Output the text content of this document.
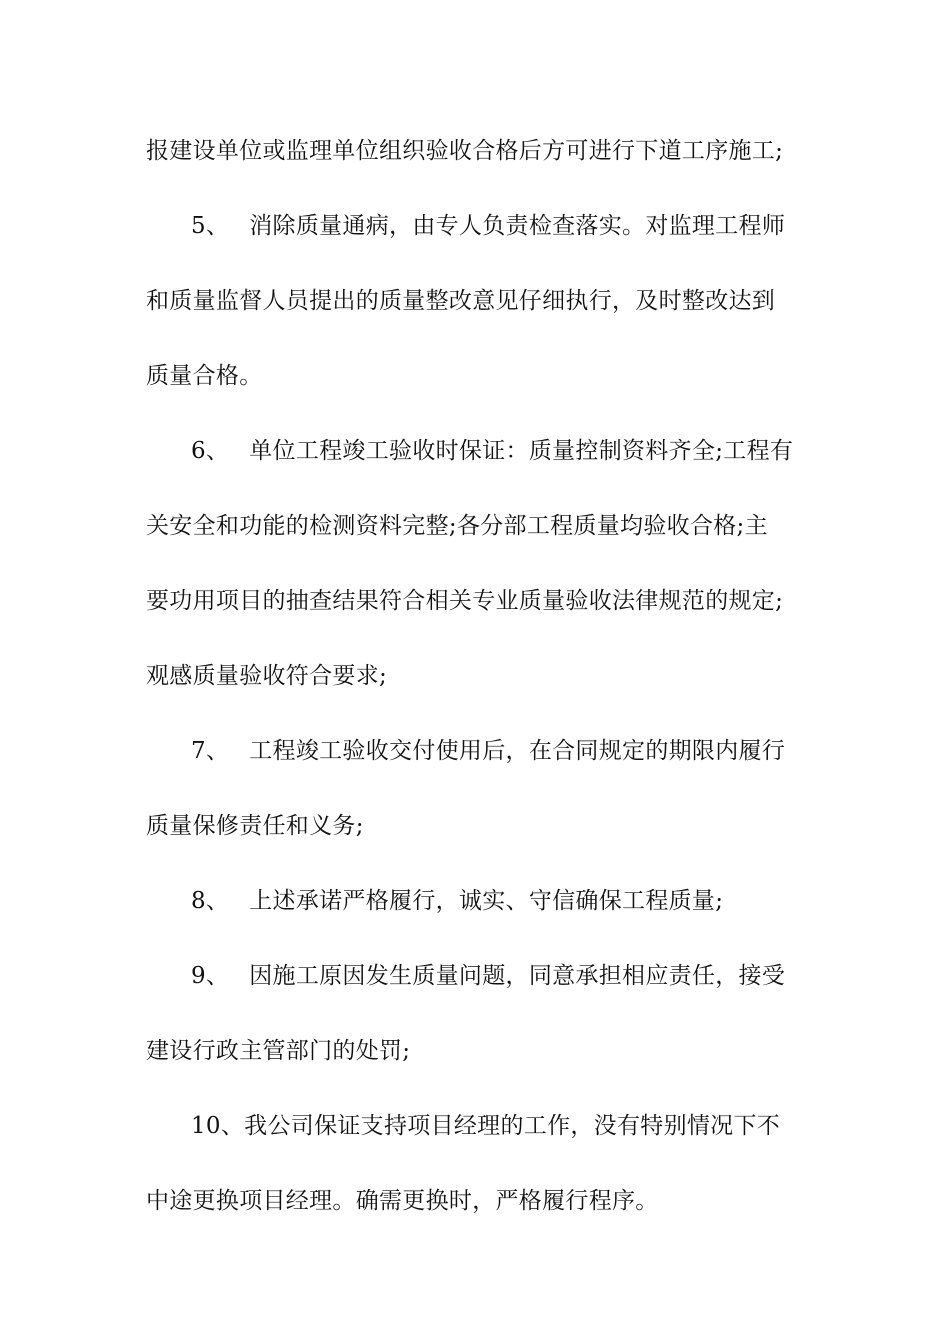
报建设单位或监理单位组织验收合格后方可进行下道工序施工;
5、 消除质量通病，由专人负责检查落实。对监理工程师
和质量监督人员提出的质量整改意见仔细执行，及时整改达到
质量合格。
6、 单位工程竣工验收时保证：质量控制资料齐全;工程有
关安全和功能的检测资料完整;各分部工程质量均验收合格;主
要功用项目的抽查结果符合相关专业质量验收法律规范的规定;
观感质量验收符合要求;
7、 工程竣工验收交付使用后，在合同规定的期限内履行
质量保修责任和义务;
8、 上述承诺严格履行，诚实、守信确保工程质量;
9、 因施工原因发生质量问题，同意承担相应责任，接受
建设行政主管部门的处罚;
10、我公司保证支持项目经理的工作，没有特别情况下不
中途更换项目经理。确需更换时，严格履行程序。
